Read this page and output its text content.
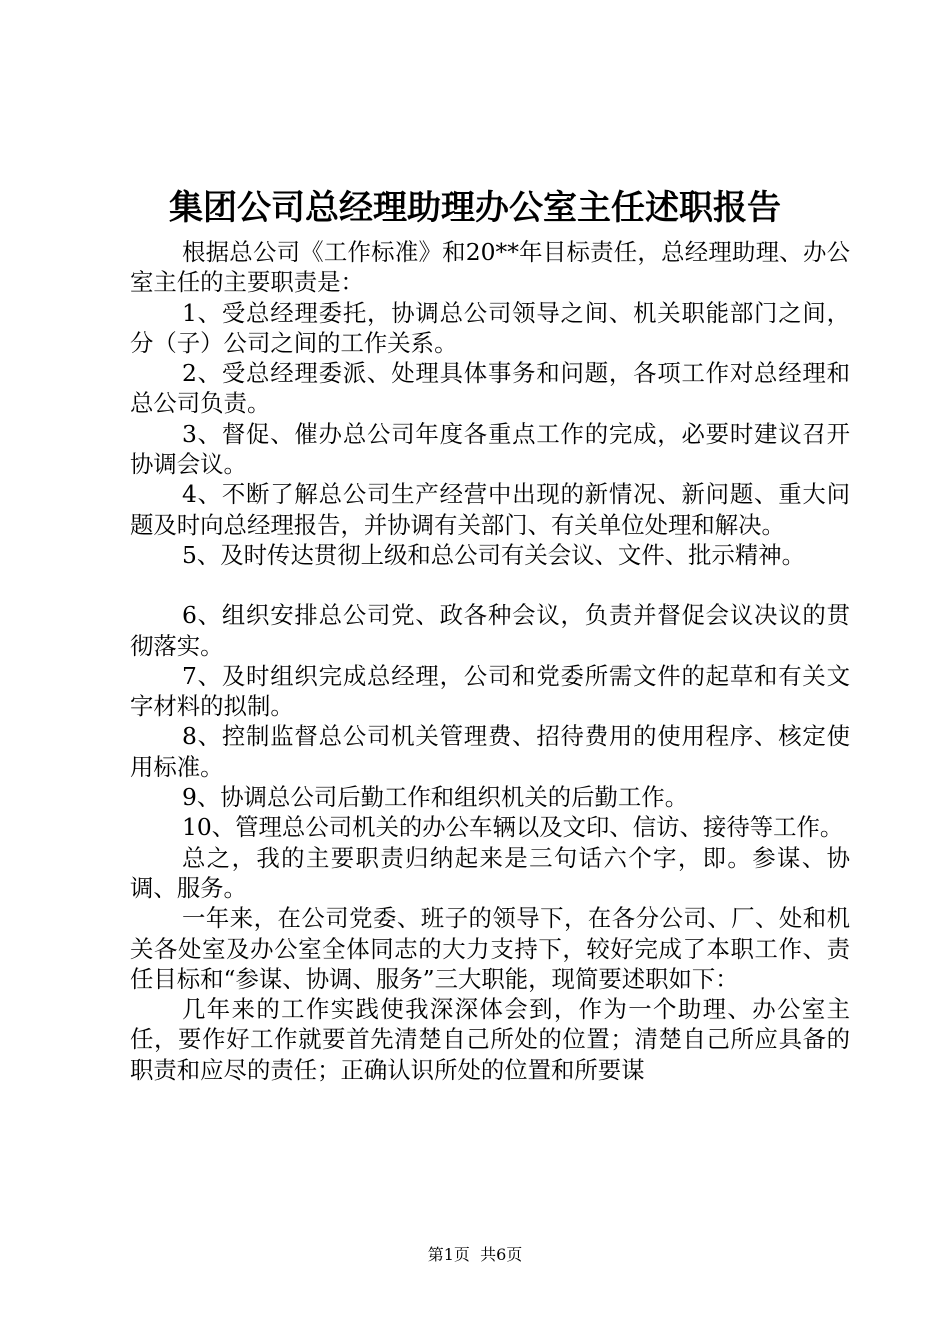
集团公司总经理助理办公室主任述职报告

根据总公司《工作标准》和20**年目标责任，总经理助理、办公室主任的主要职责是：

1、受总经理委托，协调总公司领导之间、机关职能部门之间，分（子）公司之间的工作关系。

2、受总经理委派、处理具体事务和问题，各项工作对总经理和总公司负责。

3、督促、催办总公司年度各重点工作的完成，必要时建议召开协调会议。

4、不断了解总公司生产经营中出现的新情况、新问题、重大问题及时向总经理报告，并协调有关部门、有关单位处理和解决。

5、及时传达贯彻上级和总公司有关会议、文件、批示精神。

6、组织安排总公司党、政各种会议，负责并督促会议决议的贯彻落实。

7、及时组织完成总经理，公司和党委所需文件的起草和有关文字材料的拟制。

8、控制监督总公司机关管理费、招待费用的使用程序、核定使用标准。

9、协调总公司后勤工作和组织机关的后勤工作。

10、管理总公司机关的办公车辆以及文印、信访、接待等工作。

总之，我的主要职责归纳起来是三句话六个字，即。参谋、协调、服务。

一年来，在公司党委、班子的领导下，在各分公司、厂、处和机关各处室及办公室全体同志的大力支持下，较好完成了本职工作、责任目标和“参谋、协调、服务”三大职能，现简要述职如下：

几年来的工作实践使我深深体会到，作为一个助理、办公室主任，要作好工作就要首先清楚自己所处的位置；清楚自己所应具备的职责和应尽的责任；正确认识所处的位置和所要谋

第1页  共6页
